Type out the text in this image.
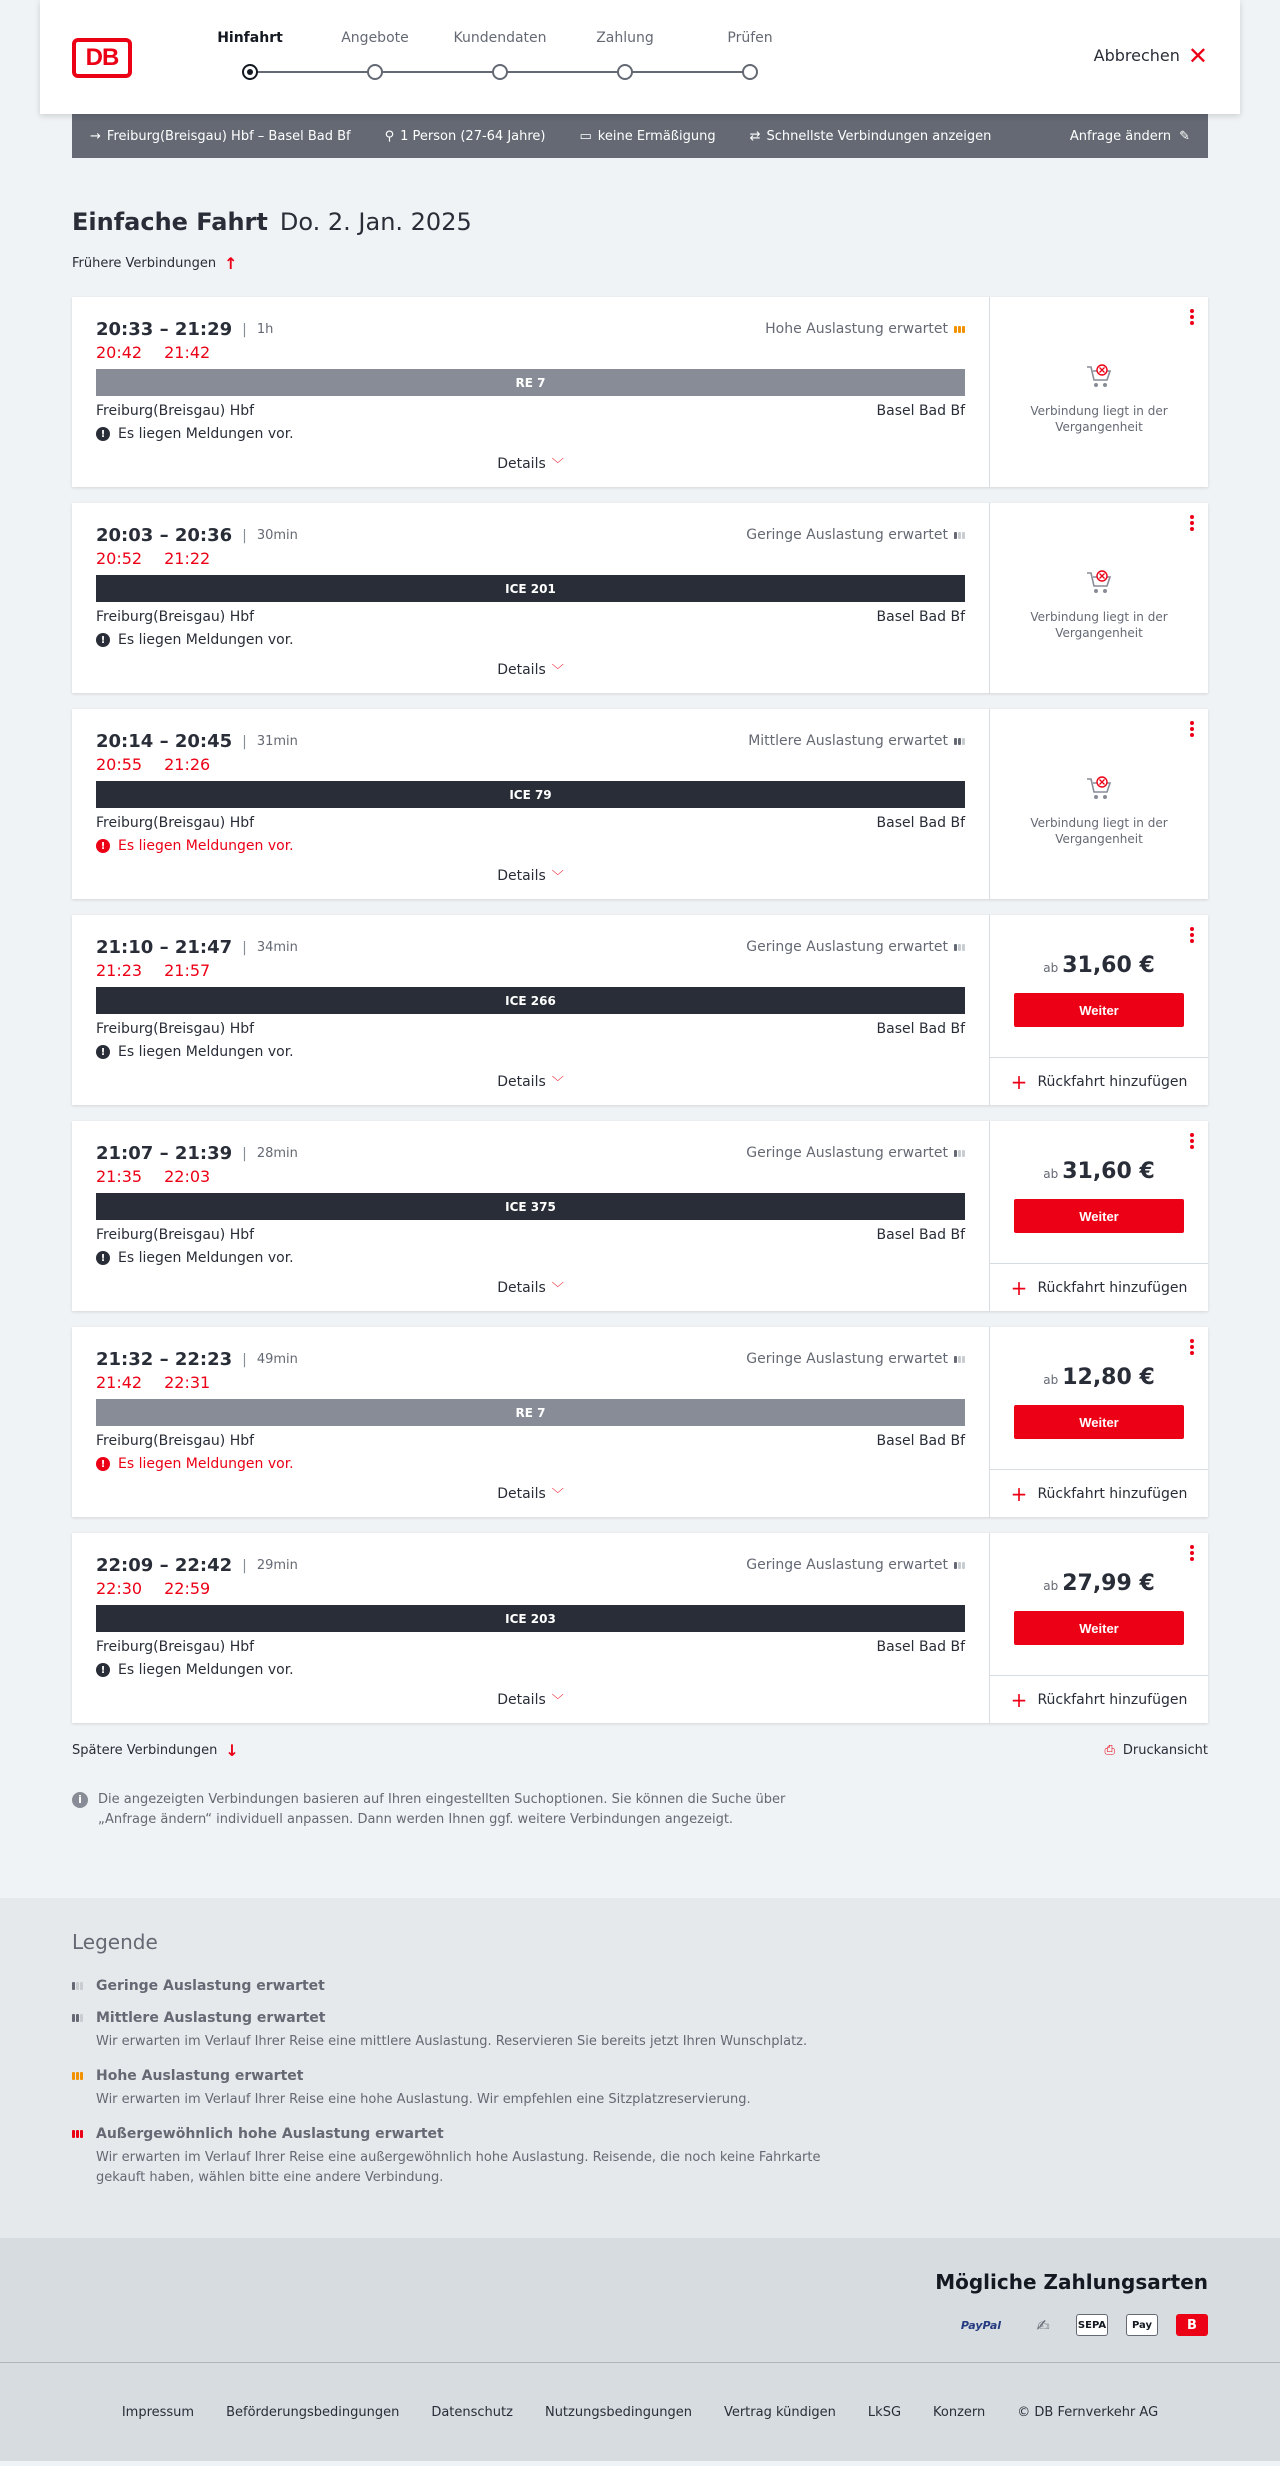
DB
Hinfahrt	Angebote	Kundendaten	Zahlung	Prüfen
Abbrechen ✕
→ Freiburg(Breisgau) Hbf – Basel Bad Bf	⚲ 1 Person (27-64 Jahre)	▭ keine Ermäßigung	⇄ Schnellste Verbindungen anzeigen	Anfrage ändern ✎
Einfache Fahrt Do. 2. Jan. 2025
Frühere Verbindungen ↑
20:33 – 21:29 | 1h
20:42 21:42
Hohe Auslastung erwartet
RE 7
Freiburg(Breisgau) Hbf	Basel Bad Bf
! Es liegen Meldungen vor.
Details ﹀
Verbindung liegt in der Vergangenheit
20:03 – 20:36 | 30min
20:52 21:22
Geringe Auslastung erwartet
ICE 201
Freiburg(Breisgau) Hbf	Basel Bad Bf
! Es liegen Meldungen vor.
Details ﹀
Verbindung liegt in der Vergangenheit
20:14 – 20:45 | 31min
20:55 21:26
Mittlere Auslastung erwartet
ICE 79
Freiburg(Breisgau) Hbf	Basel Bad Bf
! Es liegen Meldungen vor.
Details ﹀
Verbindung liegt in der Vergangenheit
21:10 – 21:47 | 34min
21:23 21:57
Geringe Auslastung erwartet
ICE 266
Freiburg(Breisgau) Hbf	Basel Bad Bf
! Es liegen Meldungen vor.
Details ﹀
ab 31,60 €
Weiter
+ Rückfahrt hinzufügen
21:07 – 21:39 | 28min
21:35 22:03
Geringe Auslastung erwartet
ICE 375
Freiburg(Breisgau) Hbf	Basel Bad Bf
! Es liegen Meldungen vor.
Details ﹀
ab 31,60 €
Weiter
+ Rückfahrt hinzufügen
21:32 – 22:23 | 49min
21:42 22:31
Geringe Auslastung erwartet
RE 7
Freiburg(Breisgau) Hbf	Basel Bad Bf
! Es liegen Meldungen vor.
Details ﹀
ab 12,80 €
Weiter
+ Rückfahrt hinzufügen
22:09 – 22:42 | 29min
22:30 22:59
Geringe Auslastung erwartet
ICE 203
Freiburg(Breisgau) Hbf	Basel Bad Bf
! Es liegen Meldungen vor.
Details ﹀
ab 27,99 €
Weiter
+ Rückfahrt hinzufügen
Spätere Verbindungen ↓	⎙ Druckansicht
i	Die angezeigten Verbindungen basieren auf Ihren eingestellten Suchoptionen. Sie können die Suche über „Anfrage ändern“ individuell anpassen. Dann werden Ihnen ggf. weitere Verbindungen angezeigt.
Legende
Geringe Auslastung erwartet
Mittlere Auslastung erwartet
Wir erwarten im Verlauf Ihrer Reise eine mittlere Auslastung. Reservieren Sie bereits jetzt Ihren Wunschplatz.
Hohe Auslastung erwartet
Wir erwarten im Verlauf Ihrer Reise eine hohe Auslastung. Wir empfehlen eine Sitzplatzreservierung.
Außergewöhnlich hohe Auslastung erwartet
Wir erwarten im Verlauf Ihrer Reise eine außergewöhnlich hohe Auslastung. Reisende, die noch keine Fahrkarte gekauft haben, wählen bitte eine andere Verbindung.
Mögliche Zahlungsarten
PayPal	✍	SEPA	Pay	B
Impressum Beförderungsbedingungen Datenschutz Nutzungsbedingungen Vertrag kündigen LkSG Konzern © DB Fernverkehr AG
